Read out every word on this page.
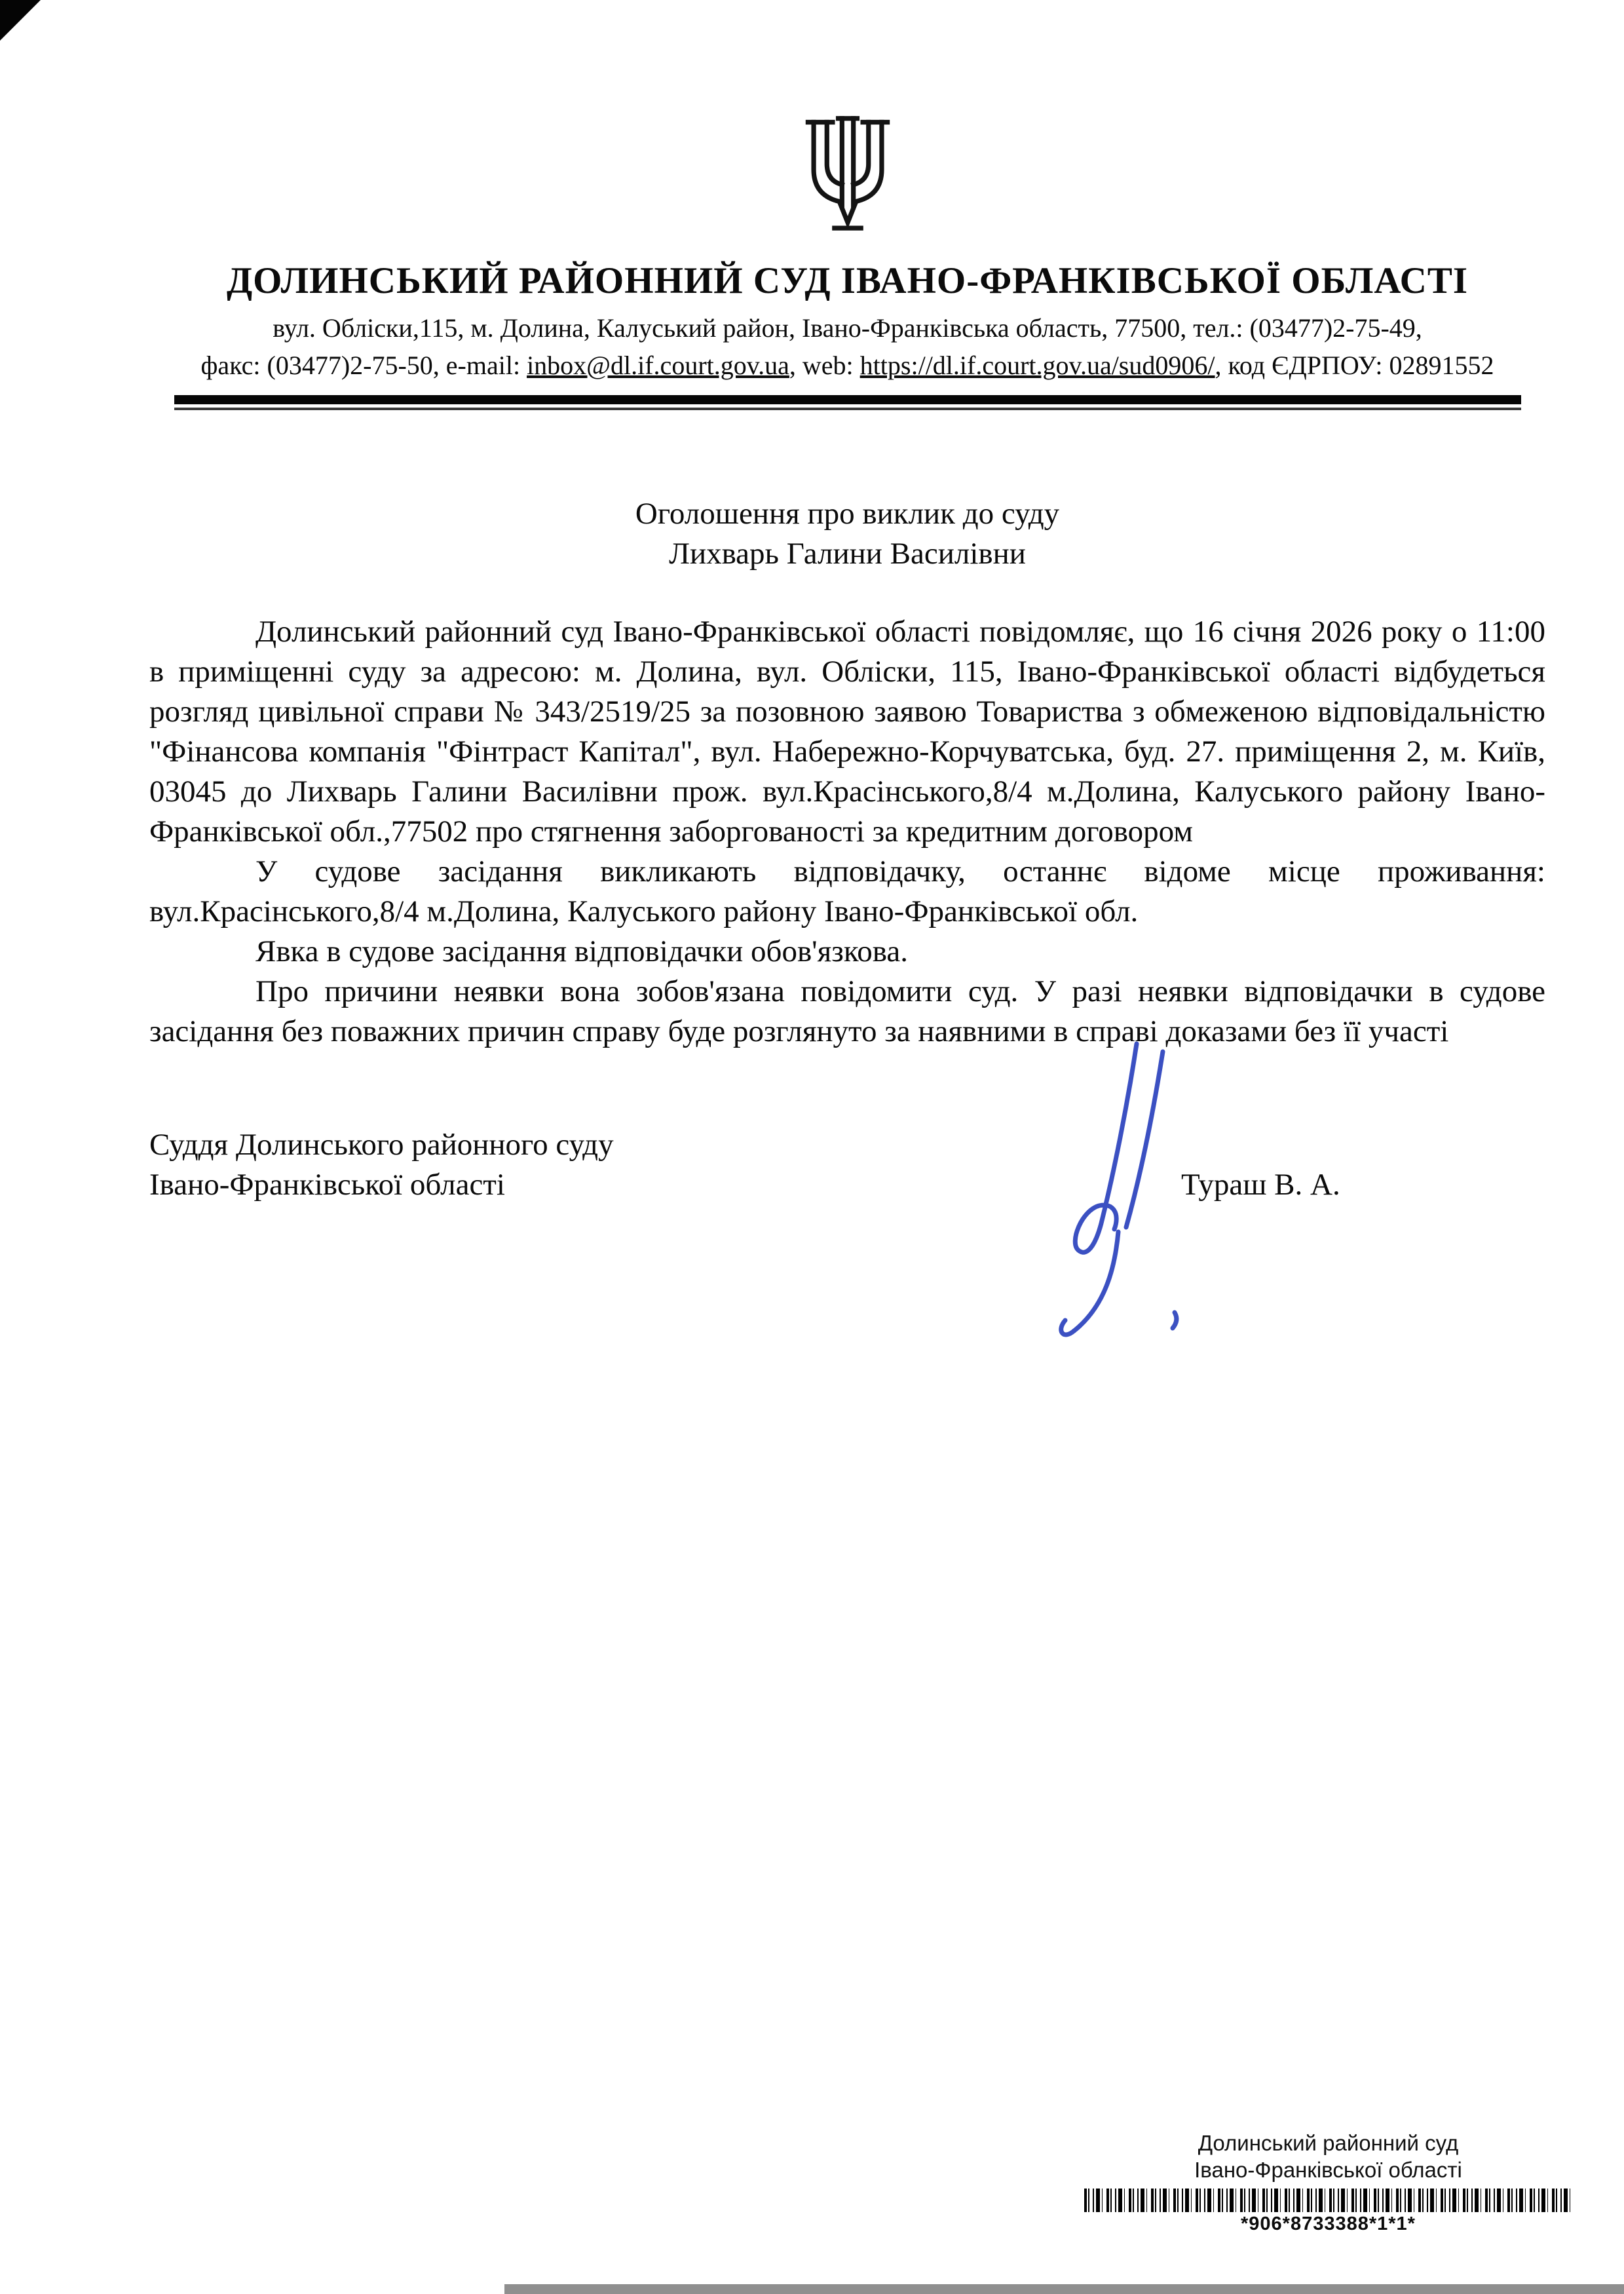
ДОЛИНСЬКИЙ РАЙОННИЙ СУД ІВАНО-ФРАНКІВСЬКОЇ ОБЛАСТІ
вул. Обліски,115, м. Долина, Калуський район, Івано-Франківська область, 77500, тел.: (03477)2-75-49,
факс: (03477)2-75-50, e-mail: inbox@dl.if.court.gov.ua, web: https://dl.if.court.gov.ua/sud0906/, код ЄДРПОУ: 02891552
Оголошення про виклик до суду
Лихварь Галини Василівни

Долинський районний суд Івано-Франківської області повідомляє, що 16 січня 2026 року о 11:00 в приміщенні суду за адресою: м. Долина, вул. Обліски, 115, Івано-Франківської області відбудеться розгляд цивільної справи № 343/2519/25 за позовною заявою Товариства з обмеженою відповідальністю "Фінансова компанія "Фінтраст Капітал", вул. Набережно-Корчуватська, буд. 27. приміщення 2, м. Київ, 03045 до Лихварь Галини Василівни прож. вул.Красінського,8/4 м.Долина, Калуського району Івано-Франківської обл.,77502 про стягнення заборгованості за кредитним договором

У судове засідання викликають відповідачку, останнє відоме місце проживання: вул.Красінського,8/4 м.Долина, Калуського району Івано-Франківської обл.

Явка в судове засідання відповідачки обов'язкова.

Про причини неявки вона зобов'язана повідомити суд. У разі неявки відповідачки в судове засідання без поважних причин справу буде розглянуто за наявними в справі доказами без її участі

Суддя Долинського районного суду
Івано-Франківської області	Тураш В. А.
Долинський районний суд
Івано-Франківської області
*906*8733388*1*1*
